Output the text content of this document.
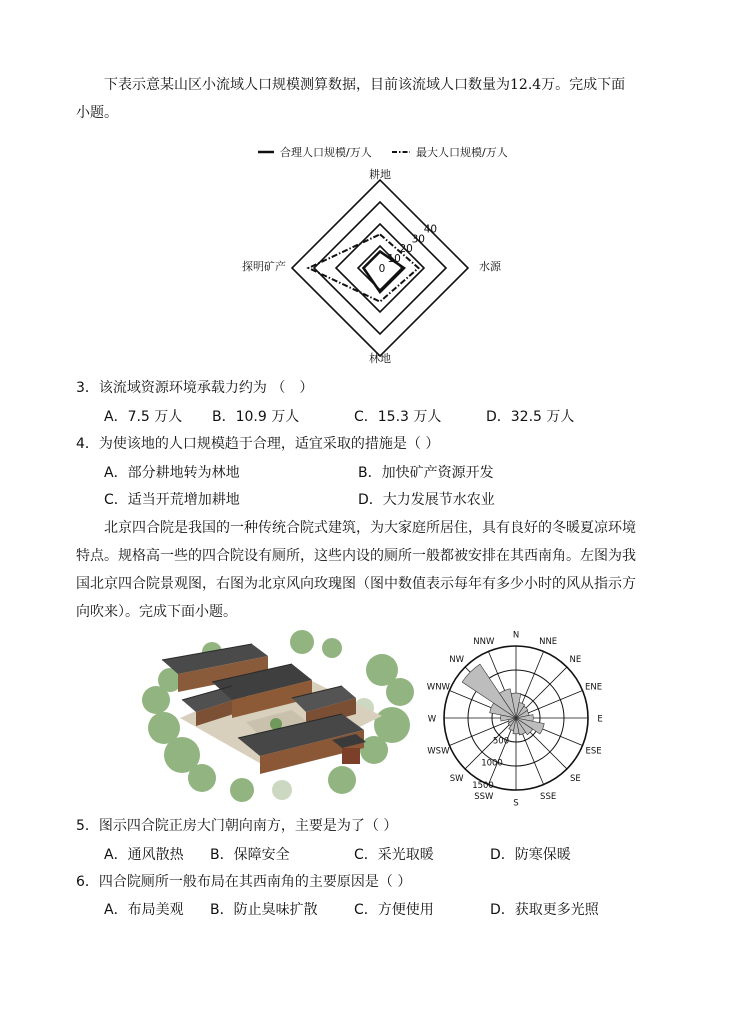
下表示意某山区小流域人口规模测算数据，目前该流域人口数量为12.4万。完成下面
小题。
合理人口规模/万人	最大人口规模/万人
耕地
水源
林地
探明矿产	0
10
20
30
40
3．该流域资源环境承载力约为 （　）
A．7.5 万人 B．10.9 万人	C．15.3 万人	D．32.5 万人
4．为使该地的人口规模趋于合理，适宜采取的措施是（ ）
A．部分耕地转为林地	B．加快矿产资源开发
C．适当开荒增加耕地	D．大力发展节水农业
北京四合院是我国的一种传统合院式建筑，为大家庭所居住，具有良好的冬暖夏凉环境
特点。规格高一些的四合院设有厕所，这些内设的厕所一般都被安排在其西南角。左图为我
国北京四合院景观图，右图为北京风向玫瑰图（图中数值表示每年有多少小时的风从指示方
向吹来）。完成下面小题。
N
NNE
NE
ENE
E
ESE
SE
SSE
S
SSW
SW
WSW
W
WNW
NW
NNW
500
1000
1500
5．图示四合院正房大门朝向南方，主要是为了（ ）
A．通风散热 B．保障安全	C．采光取暖	D．防寒保暖
6．四合院厕所一般布局在其西南角的主要原因是（ ）
A．布局美观 B．防止臭味扩散	C．方便使用	D．获取更多光照
